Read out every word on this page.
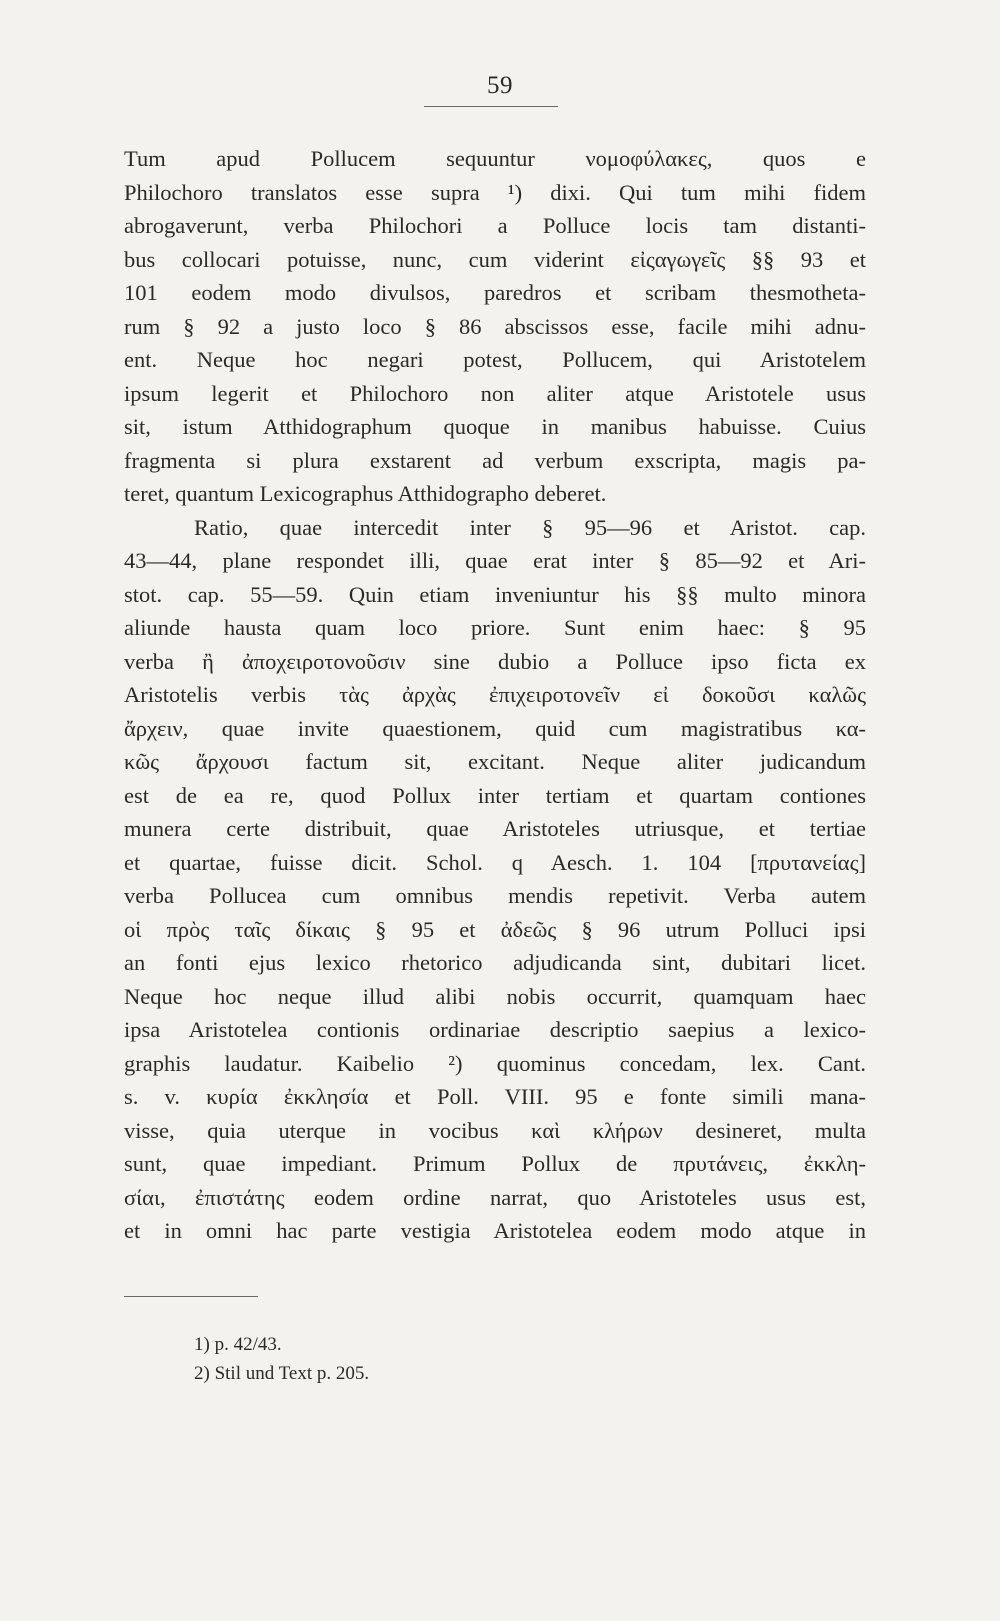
59
Tum apud Pollucem sequuntur νομοφύλακες, quos e
Philochoro translatos esse supra ¹) dixi. Qui tum mihi fidem
abrogaverunt, verba Philochori a Polluce locis tam distanti-
bus collocari potuisse, nunc, cum viderint εἰςαγωγεῖς §§ 93 et
101 eodem modo divulsos, paredros et scribam thesmotheta-
rum § 92 a justo loco § 86 abscissos esse, facile mihi adnu-
ent. Neque hoc negari potest, Pollucem, qui Aristotelem
ipsum legerit et Philochoro non aliter atque Aristotele usus
sit, istum Atthidographum quoque in manibus habuisse. Cuius
fragmenta si plura exstarent ad verbum exscripta, magis pa-
teret, quantum Lexicographus Atthidographo deberet.
Ratio, quae intercedit inter § 95—96 et Aristot. cap.
43—44, plane respondet illi, quae erat inter § 85—92 et Ari-
stot. cap. 55—59. Quin etiam inveniuntur his §§ multo minora
aliunde hausta quam loco priore. Sunt enim haec: § 95
verba ἢ ἀποχειροτονοῦσιν sine dubio a Polluce ipso ficta ex
Aristotelis verbis τὰς ἀρχὰς ἐπιχειροτονεῖν εἰ δοκοῦσι καλῶς
ἄρχειν, quae invite quaestionem, quid cum magistratibus κα-
κῶς ἄρχουσι factum sit, excitant. Neque aliter judicandum
est de ea re, quod Pollux inter tertiam et quartam contiones
munera certe distribuit, quae Aristoteles utriusque, et tertiae
et quartae, fuisse dicit. Schol. q Aesch. 1. 104 [πρυτανείας]
verba Pollucea cum omnibus mendis repetivit. Verba autem
οἱ πρὸς ταῖς δίκαις § 95 et ἀδεῶς § 96 utrum Polluci ipsi
an fonti ejus lexico rhetorico adjudicanda sint, dubitari licet.
Neque hoc neque illud alibi nobis occurrit, quamquam haec
ipsa Aristotelea contionis ordinariae descriptio saepius a lexico-
graphis laudatur. Kaibelio ²) quominus concedam, lex. Cant.
s. v. κυρία ἐκκλησία et Poll. VIII. 95 e fonte simili mana-
visse, quia uterque in vocibus καὶ κλήρων desineret, multa
sunt, quae impediant. Primum Pollux de πρυτάνεις, ἐκκλη-
σίαι, ἐπιστάτης eodem ordine narrat, quo Aristoteles usus est,
et in omni hac parte vestigia Aristotelea eodem modo atque in
1) p. 42/43.
2) Stil und Text p. 205.
